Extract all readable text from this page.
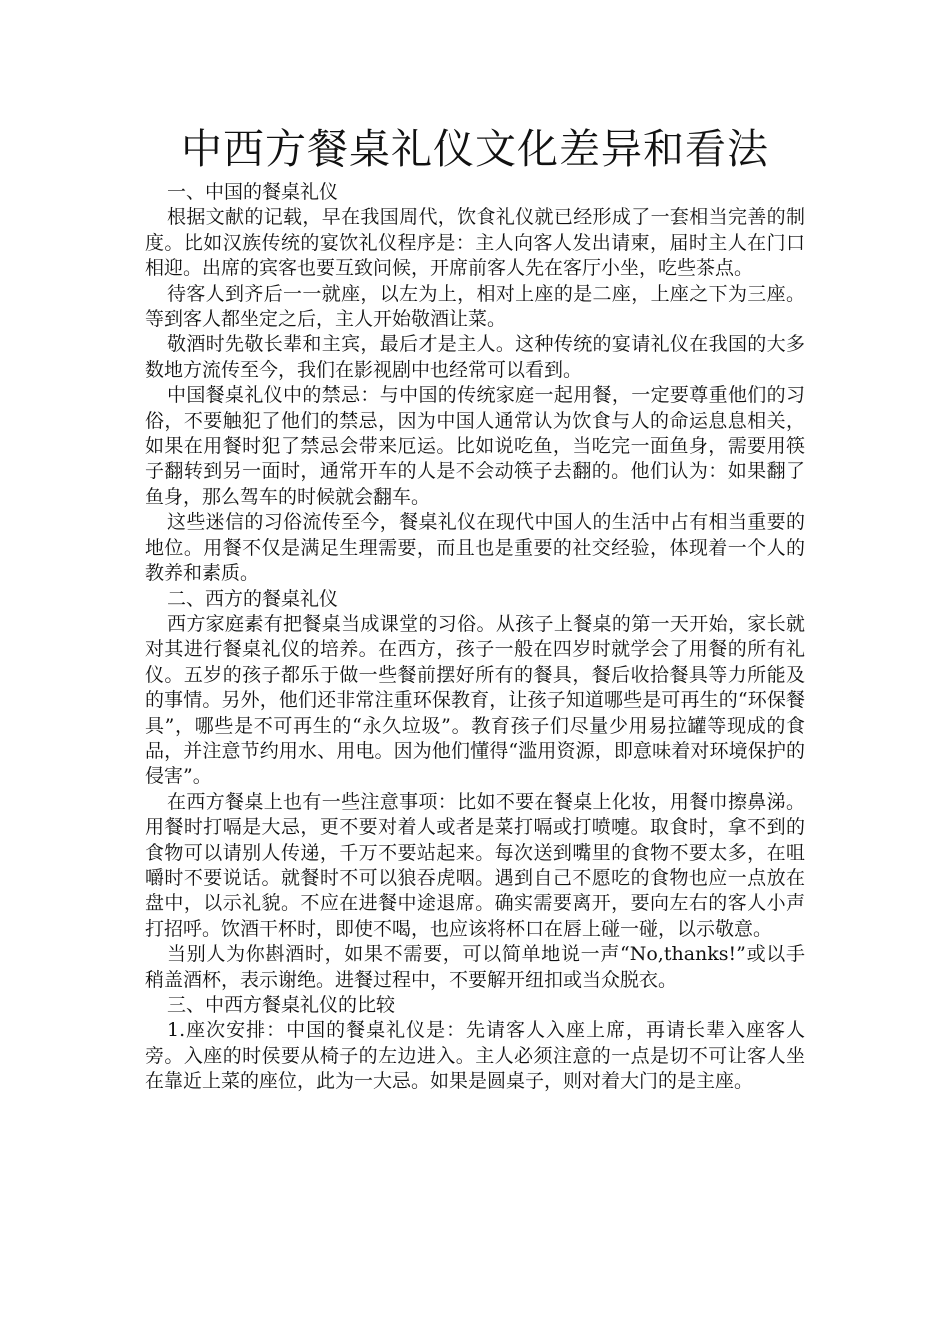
中西方餐桌礼仪文化差异和看法

一、中国的餐桌礼仪

根据文献的记载，早在我国周代，饮食礼仪就已经形成了一套相当完善的制度。比如汉族传统的宴饮礼仪程序是：主人向客人发出请柬，届时主人在门口相迎。出席的宾客也要互致问候，开席前客人先在客厅小坐，吃些茶点。

待客人到齐后一一就座，以左为上，相对上座的是二座，上座之下为三座。等到客人都坐定之后，主人开始敬酒让菜。

敬酒时先敬长辈和主宾，最后才是主人。这种传统的宴请礼仪在我国的大多数地方流传至今，我们在影视剧中也经常可以看到。

中国餐桌礼仪中的禁忌：与中国的传统家庭一起用餐，一定要尊重他们的习俗，不要触犯了他们的禁忌，因为中国人通常认为饮食与人的命运息息相关，如果在用餐时犯了禁忌会带来厄运。比如说吃鱼，当吃完一面鱼身，需要用筷子翻转到另一面时，通常开车的人是不会动筷子去翻的。他们认为：如果翻了鱼身，那么驾车的时候就会翻车。

这些迷信的习俗流传至今，餐桌礼仪在现代中国人的生活中占有相当重要的地位。用餐不仅是满足生理需要，而且也是重要的社交经验，体现着一个人的教养和素质。

二、西方的餐桌礼仪

西方家庭素有把餐桌当成课堂的习俗。从孩子上餐桌的第一天开始，家长就对其进行餐桌礼仪的培养。在西方，孩子一般在四岁时就学会了用餐的所有礼仪。五岁的孩子都乐于做一些餐前摆好所有的餐具，餐后收拾餐具等力所能及的事情。另外，他们还非常注重环保教育，让孩子知道哪些是可再生的“环保餐具”，哪些是不可再生的“永久垃圾”。教育孩子们尽量少用易拉罐等现成的食品，并注意节约用水、用电。因为他们懂得“滥用资源，即意味着对环境保护的侵害”。

在西方餐桌上也有一些注意事项：比如不要在餐桌上化妆，用餐巾擦鼻涕。用餐时打嗝是大忌，更不要对着人或者是菜打嗝或打喷嚏。取食时，拿不到的食物可以请别人传递，千万不要站起来。每次送到嘴里的食物不要太多，在咀嚼时不要说话。就餐时不可以狼吞虎咽。遇到自己不愿吃的食物也应一点放在盘中，以示礼貌。不应在进餐中途退席。确实需要离开，要向左右的客人小声打招呼。饮酒干杯时，即使不喝，也应该将杯口在唇上碰一碰，以示敬意。

当别人为你斟酒时，如果不需要，可以简单地说一声“No,thanks!”或以手稍盖酒杯，表示谢绝。进餐过程中，不要解开纽扣或当众脱衣。

三、中西方餐桌礼仪的比较

1.座次安排：中国的餐桌礼仪是：先请客人入座上席，再请长辈入座客人旁。入座的时侯要从椅子的左边进入。主人必须注意的一点是切不可让客人坐在靠近上菜的座位，此为一大忌。如果是圆桌子，则对着大门的是主座。
